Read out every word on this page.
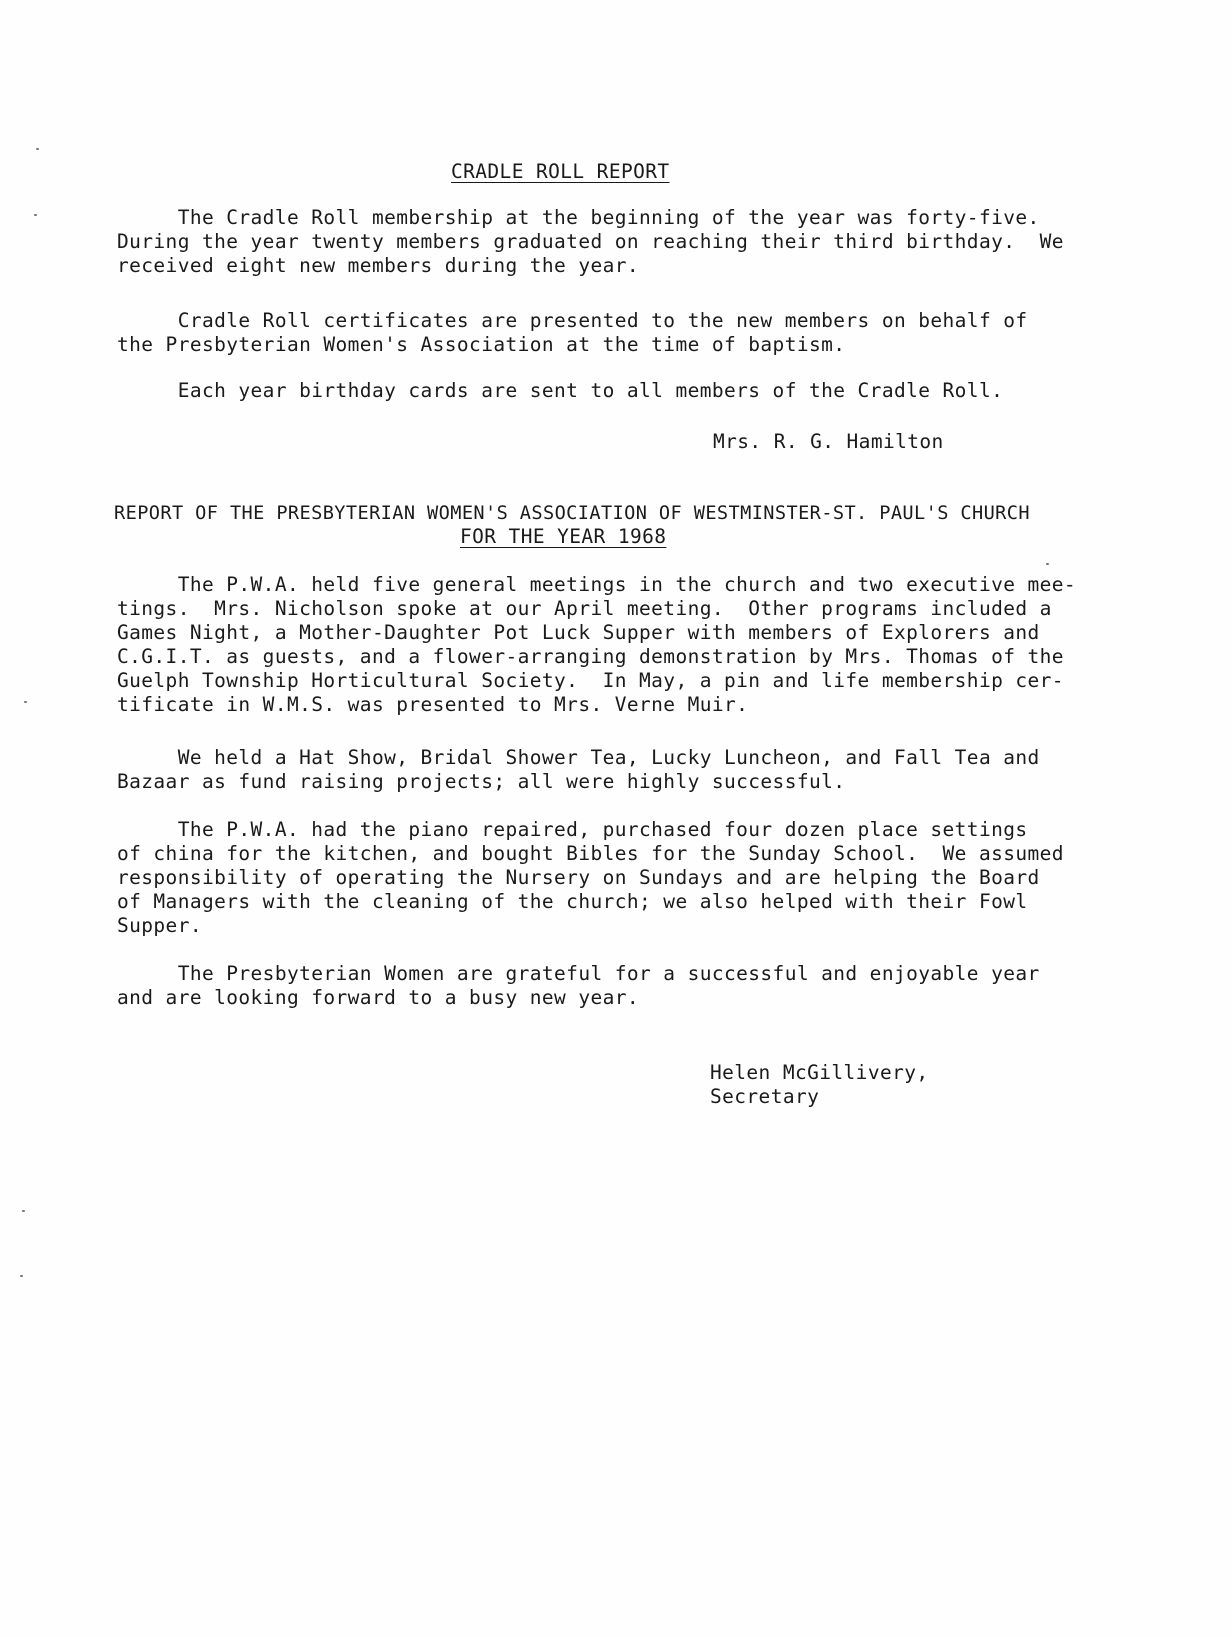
CRADLE ROLL REPORT
The Cradle Roll membership at the beginning of the year was forty-five.
During the year twenty members graduated on reaching their third birthday.  We
received eight new members during the year.
Cradle Roll certificates are presented to the new members on behalf of
the Presbyterian Women's Association at the time of baptism.
Each year birthday cards are sent to all members of the Cradle Roll.
Mrs. R. G. Hamilton
REPORT OF THE PRESBYTERIAN WOMEN'S ASSOCIATION OF WESTMINSTER-ST. PAUL'S CHURCH
FOR THE YEAR 1968
The P.W.A. held five general meetings in the church and two executive mee-
tings.  Mrs. Nicholson spoke at our April meeting.  Other programs included a
Games Night, a Mother-Daughter Pot Luck Supper with members of Explorers and
C.G.I.T. as guests, and a flower-arranging demonstration by Mrs. Thomas of the
Guelph Township Horticultural Society.  In May, a pin and life membership cer-
tificate in W.M.S. was presented to Mrs. Verne Muir.
We held a Hat Show, Bridal Shower Tea, Lucky Luncheon, and Fall Tea and
Bazaar as fund raising projects; all were highly successful.
The P.W.A. had the piano repaired, purchased four dozen place settings
of china for the kitchen, and bought Bibles for the Sunday School.  We assumed
responsibility of operating the Nursery on Sundays and are helping the Board
of Managers with the cleaning of the church; we also helped with their Fowl
Supper.
The Presbyterian Women are grateful for a successful and enjoyable year
and are looking forward to a busy new year.
Helen McGillivery,
Secretary
